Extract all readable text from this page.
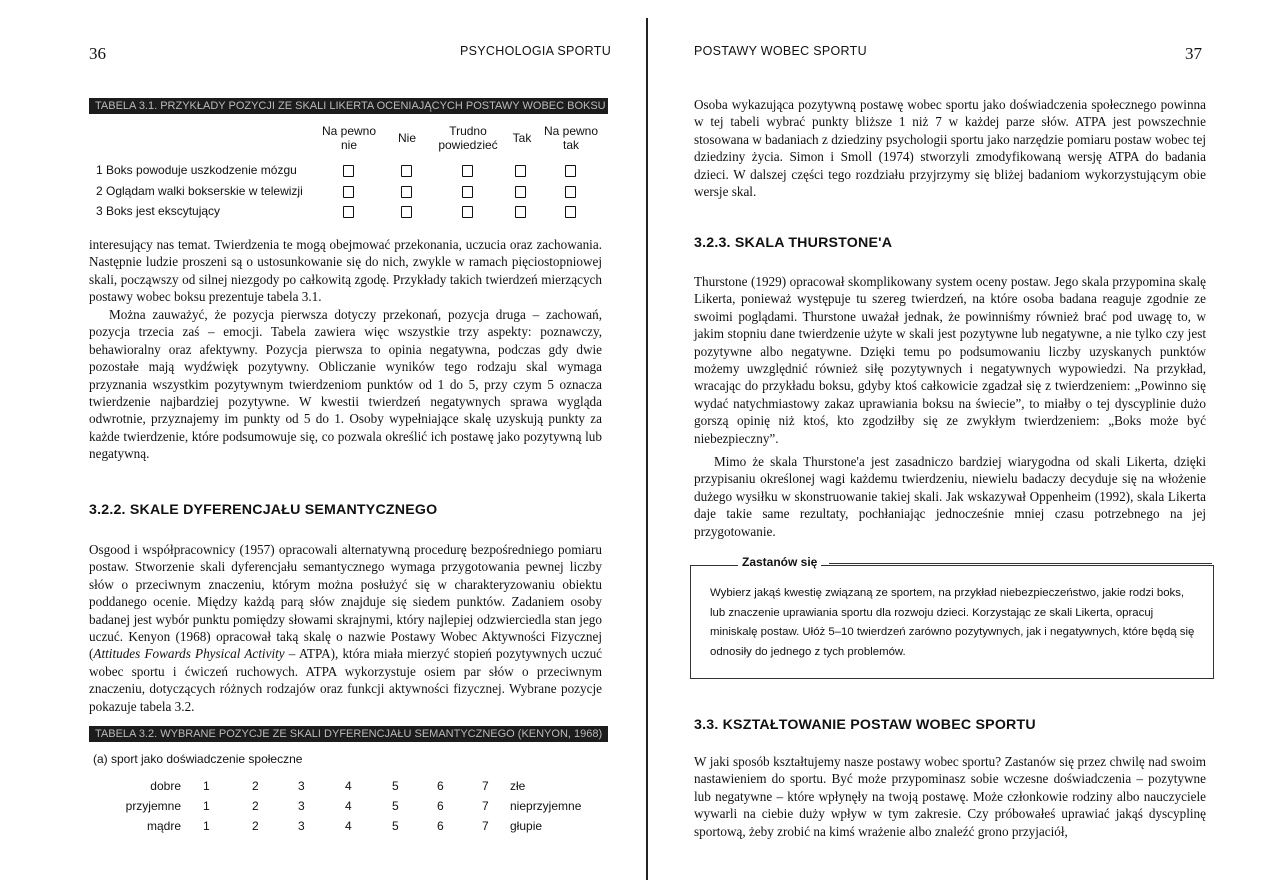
36	PSYCHOLOGIA SPORTU
TABELA 3.1. PRZYKŁADY POZYCJI ZE SKALI LIKERTA OCENIAJĄCYCH POSTAWY WOBEC BOKSU
Na pewno nie	Nie	Trudno powiedzieć	Tak	Na pewno tak
1 Boks powoduje uszkodzenie mózgu
2 Oglądam walki bokserskie w telewizji
3 Boks jest ekscytujący

interesujący nas temat. Twierdzenia te mogą obejmować przekonania, uczucia oraz zachowania. Następnie ludzie proszeni są o ustosunkowanie się do nich, zwykle w ramach pięciostopniowej skali, począwszy od silnej niezgody po całkowitą zgodę. Przykłady takich twierdzeń mierzących postawy wobec boksu prezentuje tabela 3.1.

Można zauważyć, że pozycja pierwsza dotyczy przekonań, pozycja druga – zachowań, pozycja trzecia zaś – emocji. Tabela zawiera więc wszystkie trzy aspekty: poznawczy, behawioralny oraz afektywny. Pozycja pierwsza to opinia negatywna, podczas gdy dwie pozostałe mają wydźwięk pozytywny. Obliczanie wyników tego rodzaju skal wymaga przyznania wszystkim pozytywnym twierdzeniom punktów od 1 do 5, przy czym 5 oznacza twierdzenie najbardziej pozytywne. W kwestii twierdzeń negatywnych sprawa wygląda odwrotnie, przyznajemy im punkty od 5 do 1. Osoby wypełniające skalę uzyskują punkty za każde twierdzenie, które podsumowuje się, co pozwala określić ich postawę jako pozytywną lub negatywną.

3.2.2. SKALE DYFERENCJAŁU SEMANTYCZNEGO

Osgood i współpracownicy (1957) opracowali alternatywną procedurę bezpośredniego pomiaru postaw. Stworzenie skali dyferencjału semantycznego wymaga przygotowania pewnej liczby słów o przeciwnym znaczeniu, którym można posłużyć się w charakteryzowaniu obiektu poddanego ocenie. Między każdą parą słów znajduje się siedem punktów. Zadaniem osoby badanej jest wybór punktu pomiędzy słowami skrajnymi, który najlepiej odzwierciedla stan jego uczuć. Kenyon (1968) opracował taką skalę o nazwie Postawy Wobec Aktywności Fizycznej (Attitudes Fowards Physical Activity – ATPA), która miała mierzyć stopień pozytywnych uczuć wobec sportu i ćwiczeń ruchowych. ATPA wykorzystuje osiem par słów o przeciwnym znaczeniu, dotyczących różnych rodzajów oraz funkcji aktywności fizycznej. Wybrane pozycje pokazuje tabela 3.2.

TABELA 3.2. WYBRANE POZYCJE ZE SKALI DYFERENCJAŁU SEMANTYCZNEGO (KENYON, 1968)
(a) sport jako doświadczenie społeczne
dobre 1	2	3	4	5	6	7 złe
przyjemne 1	2	3	4	5	6	7 nieprzyjemne
mądre 1	2	3	4	5	6	7 głupie
POSTAWY WOBEC SPORTU	37

Osoba wykazująca pozytywną postawę wobec sportu jako doświadczenia społecznego powinna w tej tabeli wybrać punkty bliższe 1 niż 7 w każdej parze słów. ATPA jest powszechnie stosowana w badaniach z dziedziny psychologii sportu jako narzędzie pomiaru postaw wobec tej dziedziny życia. Simon i Smoll (1974) stworzyli zmodyfikowaną wersję ATPA do badania dzieci. W dalszej części tego rozdziału przyjrzymy się bliżej badaniom wykorzystującym obie wersje skal.

3.2.3. SKALA THURSTONE'A

Thurstone (1929) opracował skomplikowany system oceny postaw. Jego skala przypomina skalę Likerta, ponieważ występuje tu szereg twierdzeń, na które osoba badana reaguje zgodnie ze swoimi poglądami. Thurstone uważał jednak, że powinniśmy również brać pod uwagę to, w jakim stopniu dane twierdzenie użyte w skali jest pozytywne lub negatywne, a nie tylko czy jest pozytywne albo negatywne. Dzięki temu po podsumowaniu liczby uzyskanych punktów możemy uwzględnić również siłę pozytywnych i negatywnych wypowiedzi. Na przykład, wracając do przykładu boksu, gdyby ktoś całkowicie zgadzał się z twierdzeniem: „Powinno się wydać natychmiastowy zakaz uprawiania boksu na świecie”, to miałby o tej dyscyplinie dużo gorszą opinię niż ktoś, kto zgodziłby się ze zwykłym twierdzeniem: „Boks może być niebezpieczny”.

Mimo że skala Thurstone'a jest zasadniczo bardziej wiarygodna od skali Likerta, dzięki przypisaniu określonej wagi każdemu twierdzeniu, niewielu badaczy decyduje się na włożenie dużego wysiłku w skonstruowanie takiej skali. Jak wskazywał Oppenheim (1992), skala Likerta daje takie same rezultaty, pochłaniając jednocześnie mniej czasu potrzebnego na jej przygotowanie.

Zastanów się

Wybierz jakąś kwestię związaną ze sportem, na przykład niebezpieczeństwo, jakie rodzi boks, lub znaczenie uprawiania sportu dla rozwoju dzieci. Korzystając ze skali Likerta, opracuj miniskalę postaw. Ułóż 5–10 twierdzeń zarówno pozytywnych, jak i negatywnych, które będą się odnosiły do jednego z tych problemów.

3.3. KSZTAŁTOWANIE POSTAW WOBEC SPORTU

W jaki sposób kształtujemy nasze postawy wobec sportu? Zastanów się przez chwilę nad swoim nastawieniem do sportu. Być może przypominasz sobie wczesne doświadczenia – pozytywne lub negatywne – które wpłynęły na twoją postawę. Może członkowie rodziny albo nauczyciele wywarli na ciebie duży wpływ w tym zakresie. Czy próbowałeś uprawiać jakąś dyscyplinę sportową, żeby zrobić na kimś wrażenie albo znaleźć grono przyjaciół,
